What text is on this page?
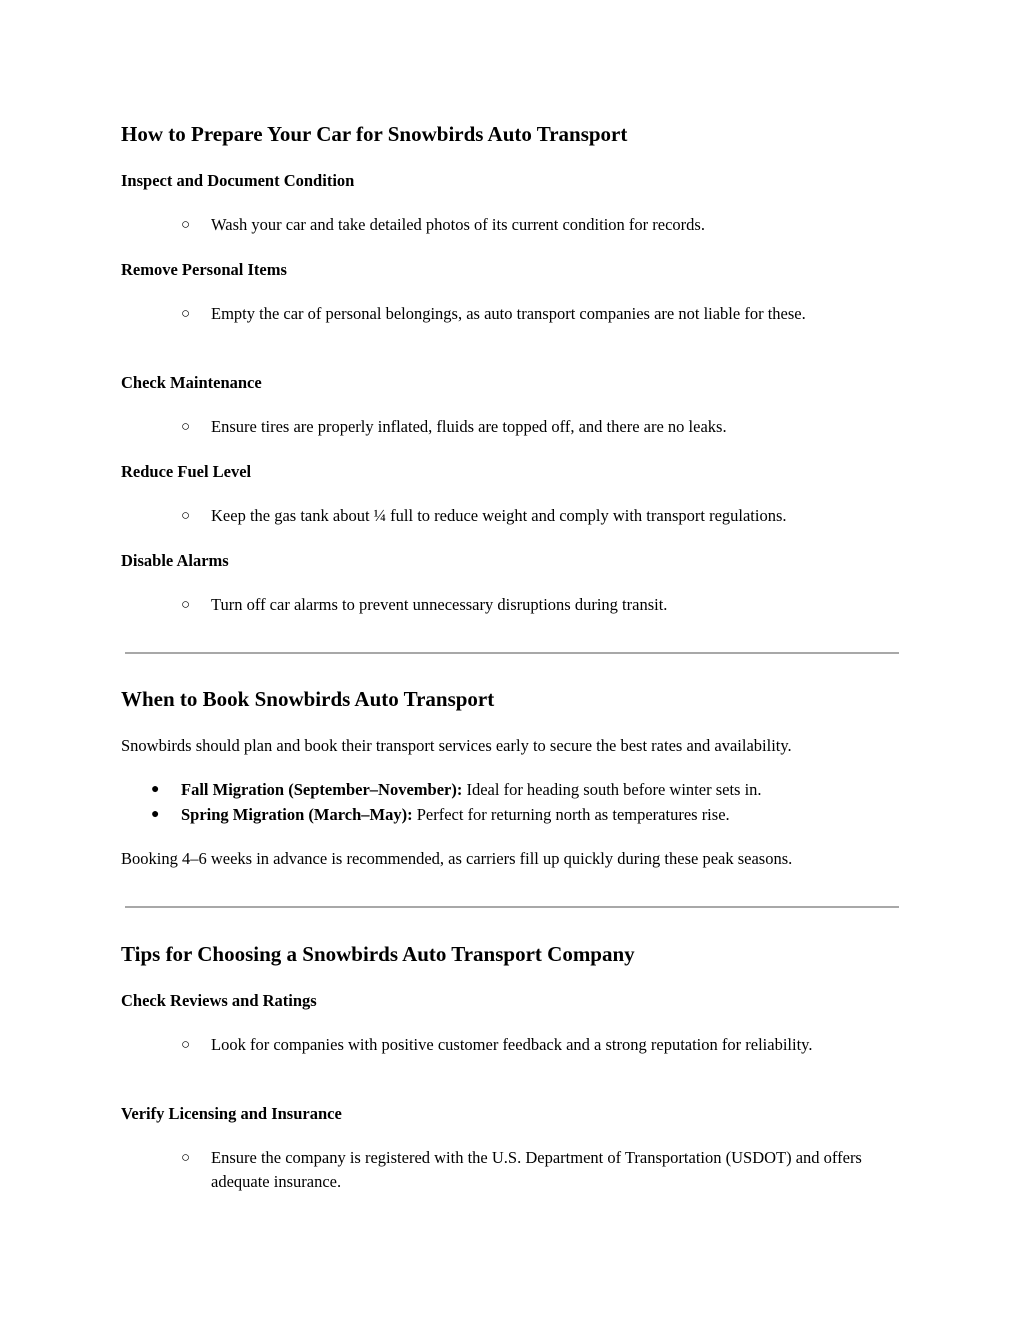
How to Prepare Your Car for Snowbirds Auto Transport
Inspect and Document Condition
○ Wash your car and take detailed photos of its current condition for records.
Remove Personal Items
○ Empty the car of personal belongings, as auto transport companies are not liable for these.
Check Maintenance
○ Ensure tires are properly inflated, fluids are topped off, and there are no leaks.
Reduce Fuel Level
○ Keep the gas tank about ¼ full to reduce weight and comply with transport regulations.
Disable Alarms
○ Turn off car alarms to prevent unnecessary disruptions during transit.
When to Book Snowbirds Auto Transport
Snowbirds should plan and book their transport services early to secure the best rates and availability.
● Fall Migration (September–November): Ideal for heading south before winter sets in.
● Spring Migration (March–May): Perfect for returning north as temperatures rise.
Booking 4–6 weeks in advance is recommended, as carriers fill up quickly during these peak seasons.
Tips for Choosing a Snowbirds Auto Transport Company
Check Reviews and Ratings
○ Look for companies with positive customer feedback and a strong reputation for reliability.
Verify Licensing and Insurance
○ Ensure the company is registered with the U.S. Department of Transportation (USDOT) and offers adequate insurance.
